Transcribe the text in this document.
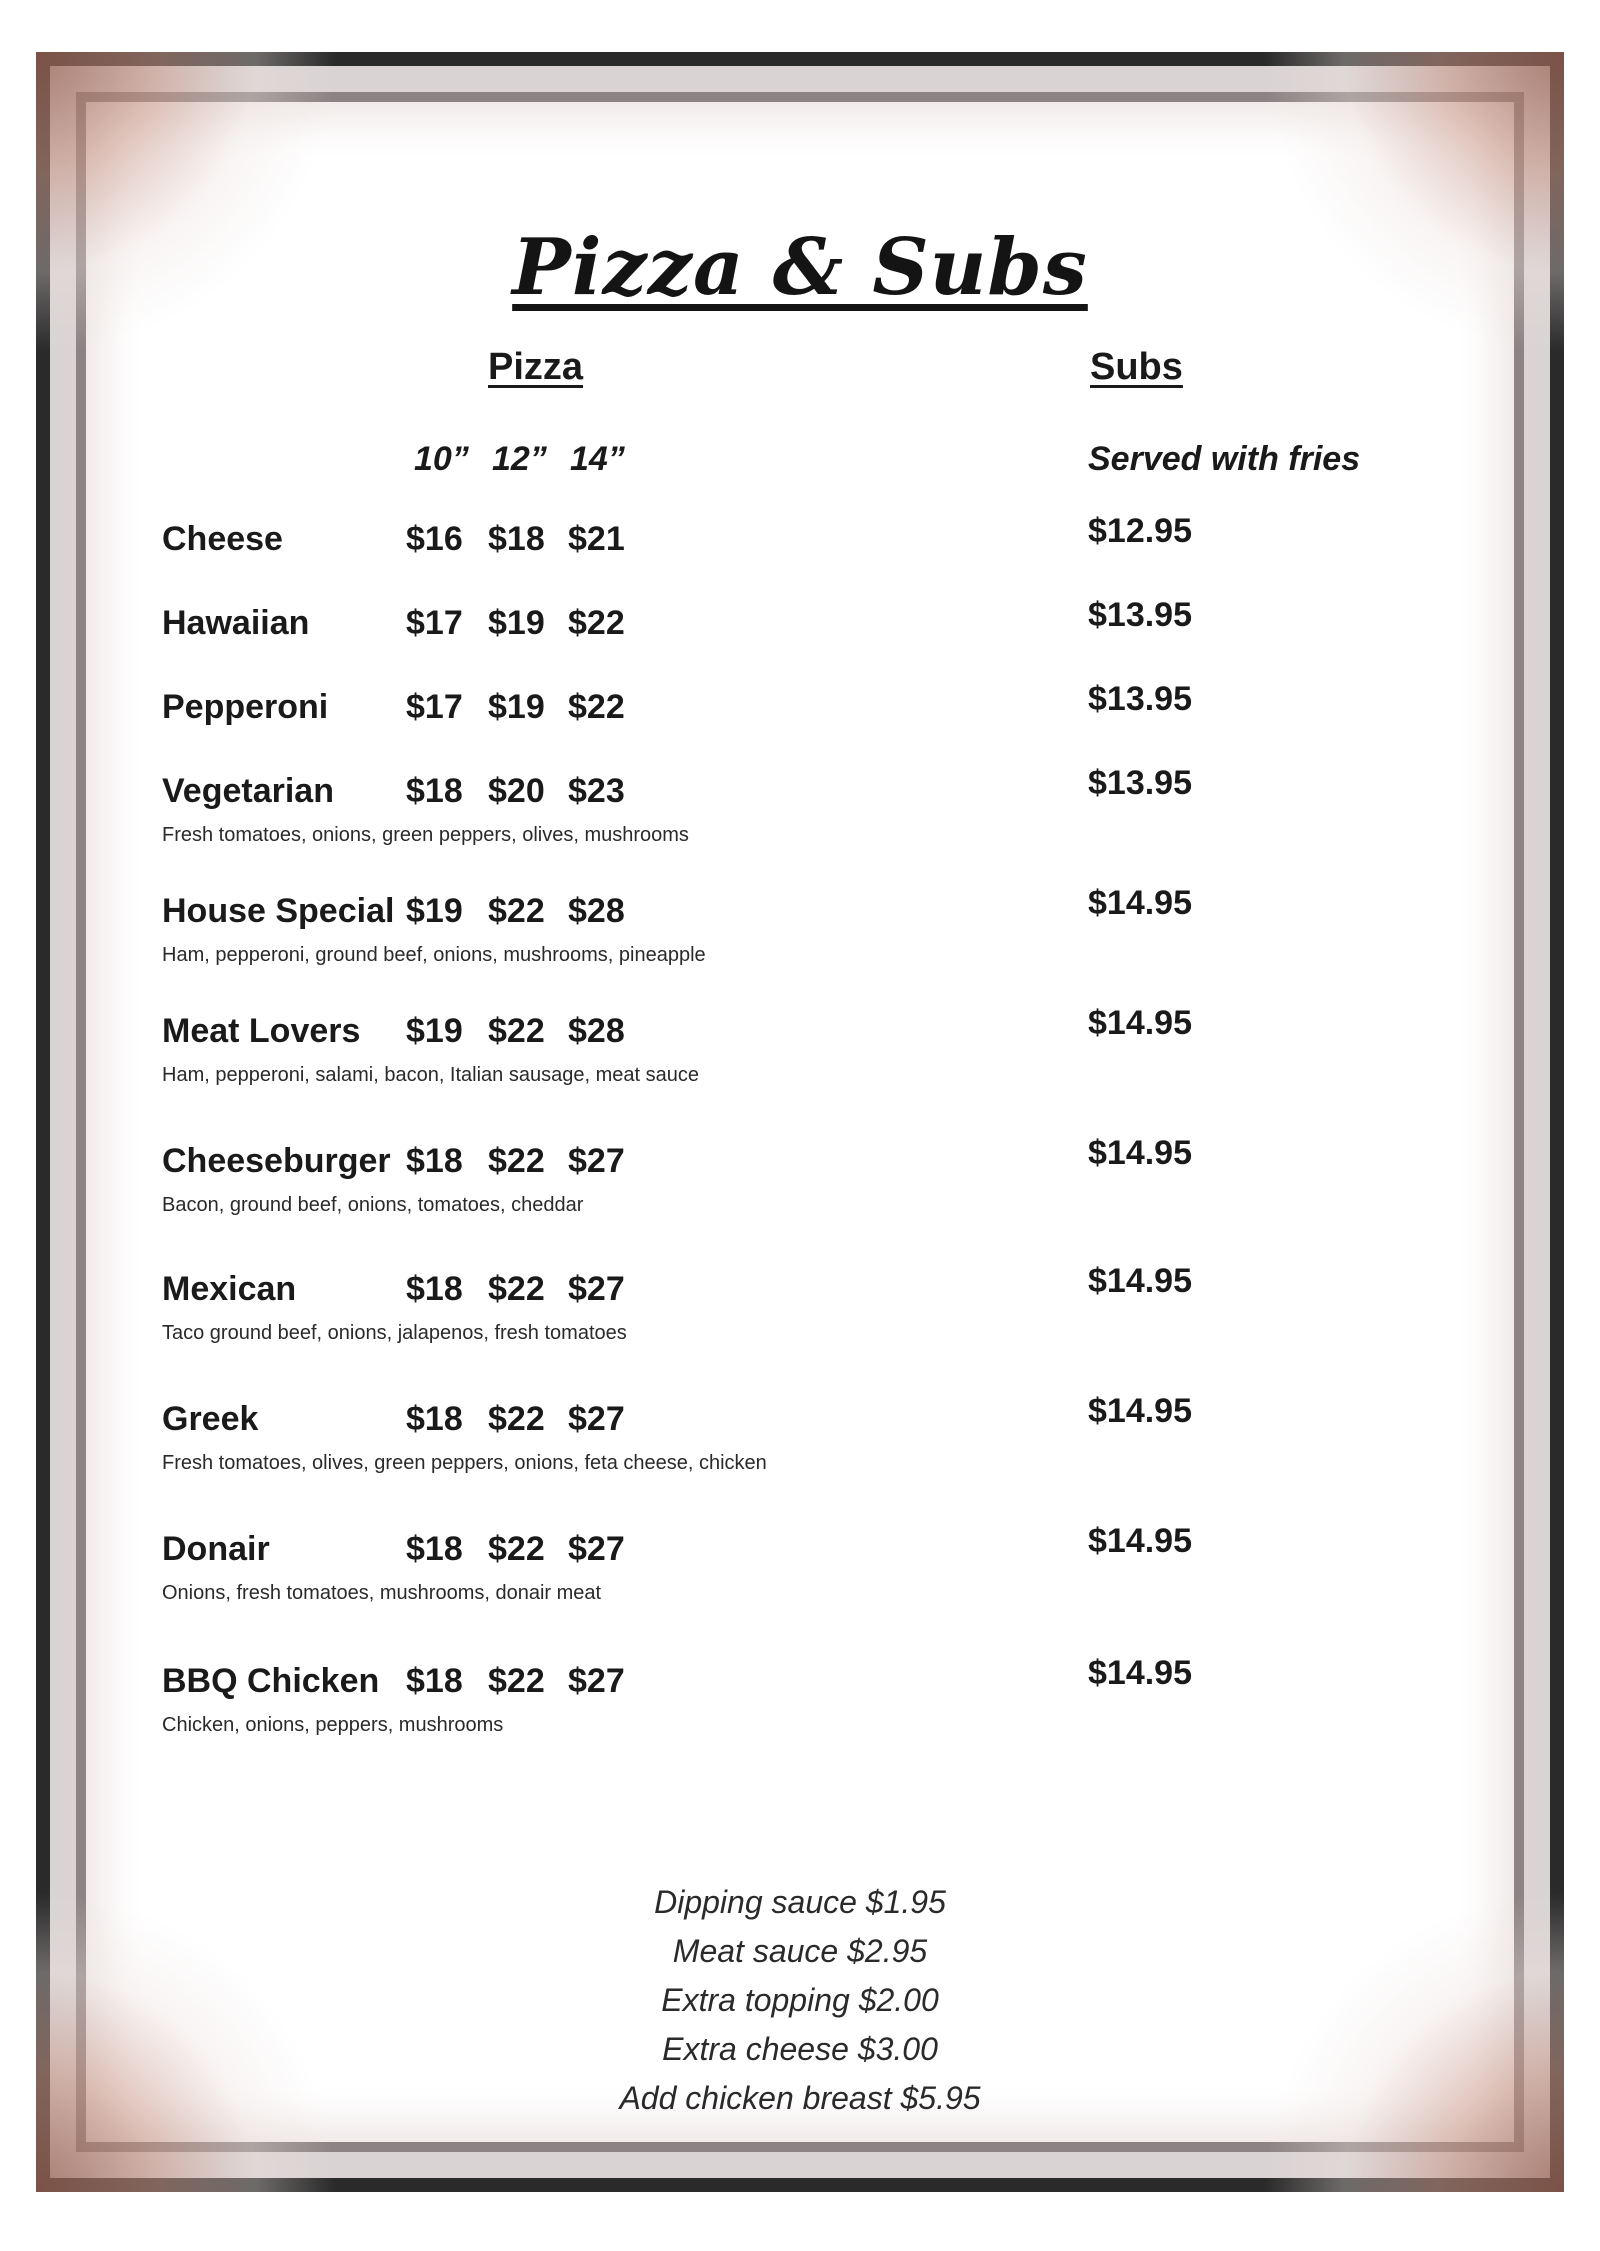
Pizza & Subs
Pizza	Subs
10” 12” 14”	Served with fries
Cheese	$16 $18 $21	$12.95
Hawaiian	$17 $19 $22	$13.95
Pepperoni $17 $19 $22	$13.95
Vegetarian $18 $20 $23	$13.95
Fresh tomatoes, onions, green peppers, olives, mushrooms
House Special $19 $22 $28	$14.95
Ham, pepperoni, ground beef, onions, mushrooms, pineapple
Meat Lovers $19 $22 $28	$14.95
Ham, pepperoni, salami, bacon, Italian sausage, meat sauce
Cheeseburger $18 $22 $27	$14.95
Bacon, ground beef, onions, tomatoes, cheddar
Mexican	$18 $22 $27	$14.95
Taco ground beef, onions, jalapenos, fresh tomatoes
Greek	$18 $22 $27	$14.95
Fresh tomatoes, olives, green peppers, onions, feta cheese, chicken
Donair	$18 $22 $27	$14.95
Onions, fresh tomatoes, mushrooms, donair meat
BBQ Chicken $18 $22 $27	$14.95
Chicken, onions, peppers, mushrooms
Dipping sauce $1.95
Meat sauce $2.95
Extra topping $2.00
Extra cheese $3.00
Add chicken breast $5.95
